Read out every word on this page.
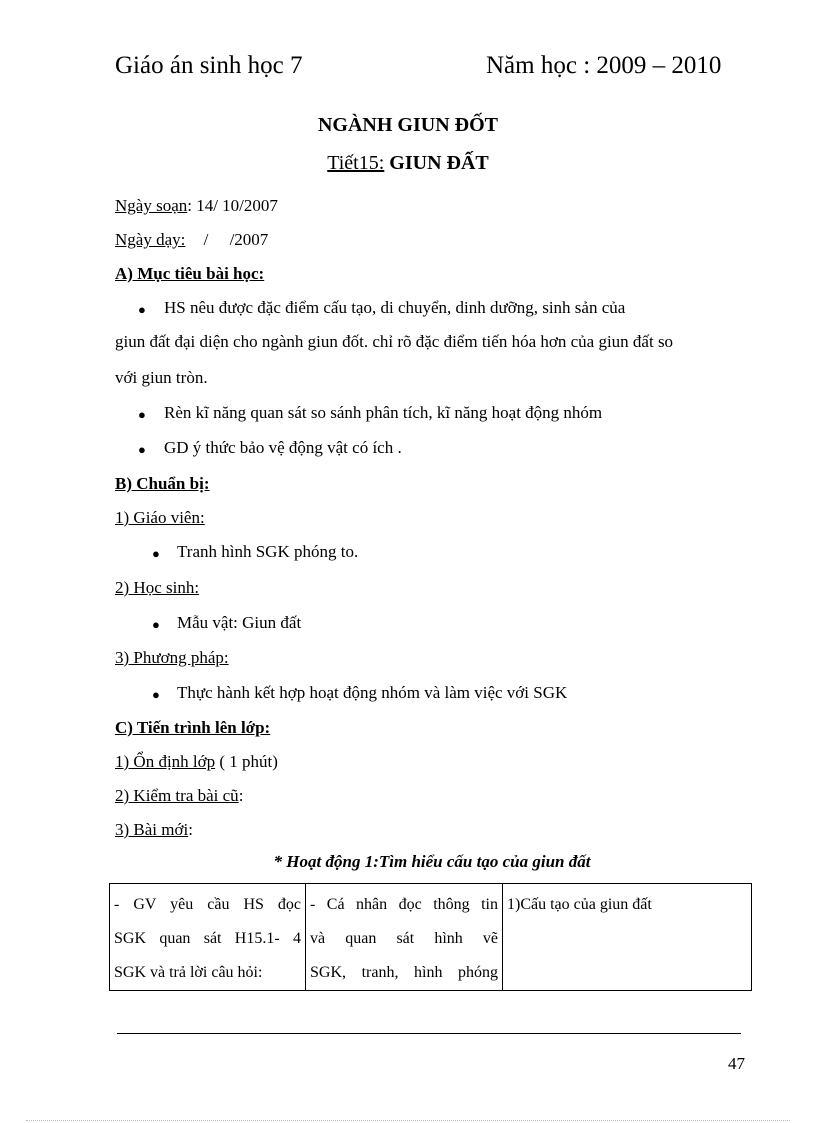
Giáo án sinh học 7	Năm học : 2009 – 2010
NGÀNH GIUN ĐỐT
Tiết15: GIUN ĐẤT
Ngày soạn: 14/ 10/2007
Ngày dạy: /     /2007
A) Mục tiêu bài học:
● HS nêu được đặc điểm cấu tạo, di chuyển, dinh dưỡng, sinh sản của
giun đất đại diện cho ngành giun đốt. chỉ rõ đặc điểm tiến hóa hơn của giun đất so
với giun tròn.
● Rèn kĩ năng quan sát so sánh phân tích, kĩ năng hoạt động nhóm
● GD ý thức bảo vệ động vật có ích .
B) Chuẩn bị:
1) Giáo viên:
● Tranh hình SGK phóng to.
2) Học sinh:
● Mẫu vật: Giun đất
3) Phương pháp:
● Thực hành kết hợp hoạt động nhóm và làm việc với SGK
C) Tiến trình lên lớp:
1) Ổn định lớp ( 1 phút)
2) Kiểm tra bài cũ:
3) Bài mới:
* Hoạt động 1:Tìm hiểu cấu tạo của giun đất
- GV yêu cầu HS đọc
SGK quan sát H15.1- 4
SGK và trả lời câu hỏi:

- Cá nhân đọc thông tin
và quan sát hình vẽ
SGK, tranh, hình phóng

1)Cấu tạo của giun đất
47
